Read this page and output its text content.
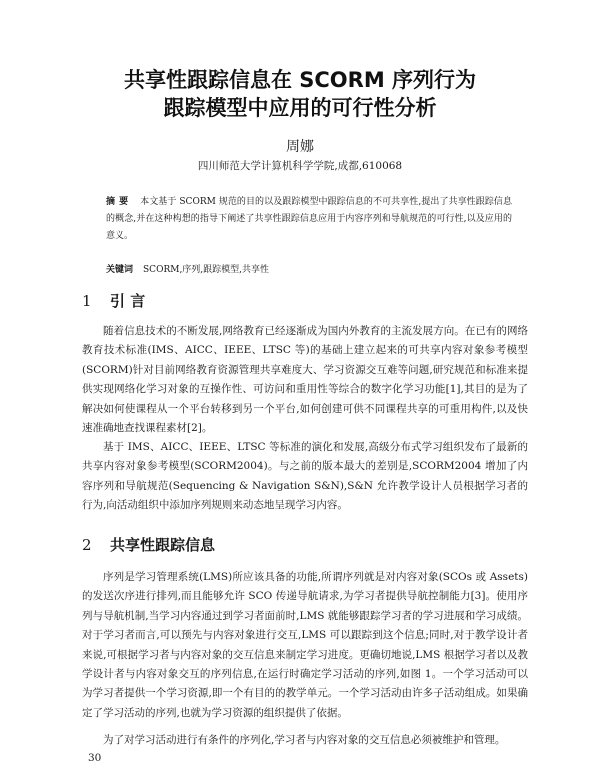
共享性跟踪信息在 SCORM 序列行为
跟踪模型中应用的可行性分析
周娜
四川师范大学计算机科学学院,成都,610068

摘要 本文基于 SCORM 规范的目的以及跟踪模型中跟踪信息的不可共享性,提出了共享性跟踪信息的概念,并在这种构想的指导下阐述了共享性跟踪信息应用于内容序列和导航规范的可行性,以及应用的意义。

关键词 SCORM,序列,跟踪模型,共享性
1 引 言

随着信息技术的不断发展,网络教育已经逐渐成为国内外教育的主流发展方向。在已有的网络教育技术标准(IMS、AICC、IEEE、LTSC 等)的基础上建立起来的可共享内容对象参考模型(SCORM)针对目前网络教育资源管理共享难度大、学习资源交互难等问题,研究规范和标准来提供实现网络化学习对象的互操作性、可访问和重用性等综合的数字化学习功能[1],其目的是为了解决如何使课程从一个平台转移到另一个平台,如何创建可供不同课程共享的可重用构件,以及快速准确地查找课程素材[2]。

基于 IMS、AICC、IEEE、LTSC 等标准的演化和发展,高级分布式学习组织发布了最新的共享内容对象参考模型(SCORM2004)。与之前的版本最大的差别是,SCORM2004 增加了内容序列和导航规范(Sequencing & Navigation S&N),S&N 允许教学设计人员根据学习者的行为,向活动组织中添加序列规则来动态地呈现学习内容。

2 共享性跟踪信息

序列是学习管理系统(LMS)所应该具备的功能,所谓序列就是对内容对象(SCOs 或 Assets)的发送次序进行排列,而且能够允许 SCO 传递导航请求,为学习者提供导航控制能力[3]。使用序列与导航机制,当学习内容通过到学习者面前时,LMS 就能够跟踪学习者的学习进展和学习成绩。对于学习者而言,可以预先与内容对象进行交互,LMS 可以跟踪到这个信息;同时,对于教学设计者来说,可根据学习者与内容对象的交互信息来制定学习进度。更确切地说,LMS 根据学习者以及教学设计者与内容对象交互的序列信息,在运行时确定学习活动的序列,如图 1。一个学习活动可以为学习者提供一个学习资源,即一个有目的的教学单元。一个学习活动由许多子活动组成。如果确定了学习活动的序列,也就为学习资源的组织提供了依据。

为了对学习活动进行有条件的序列化,学习者与内容对象的交互信息必须被维护和管理。

30
